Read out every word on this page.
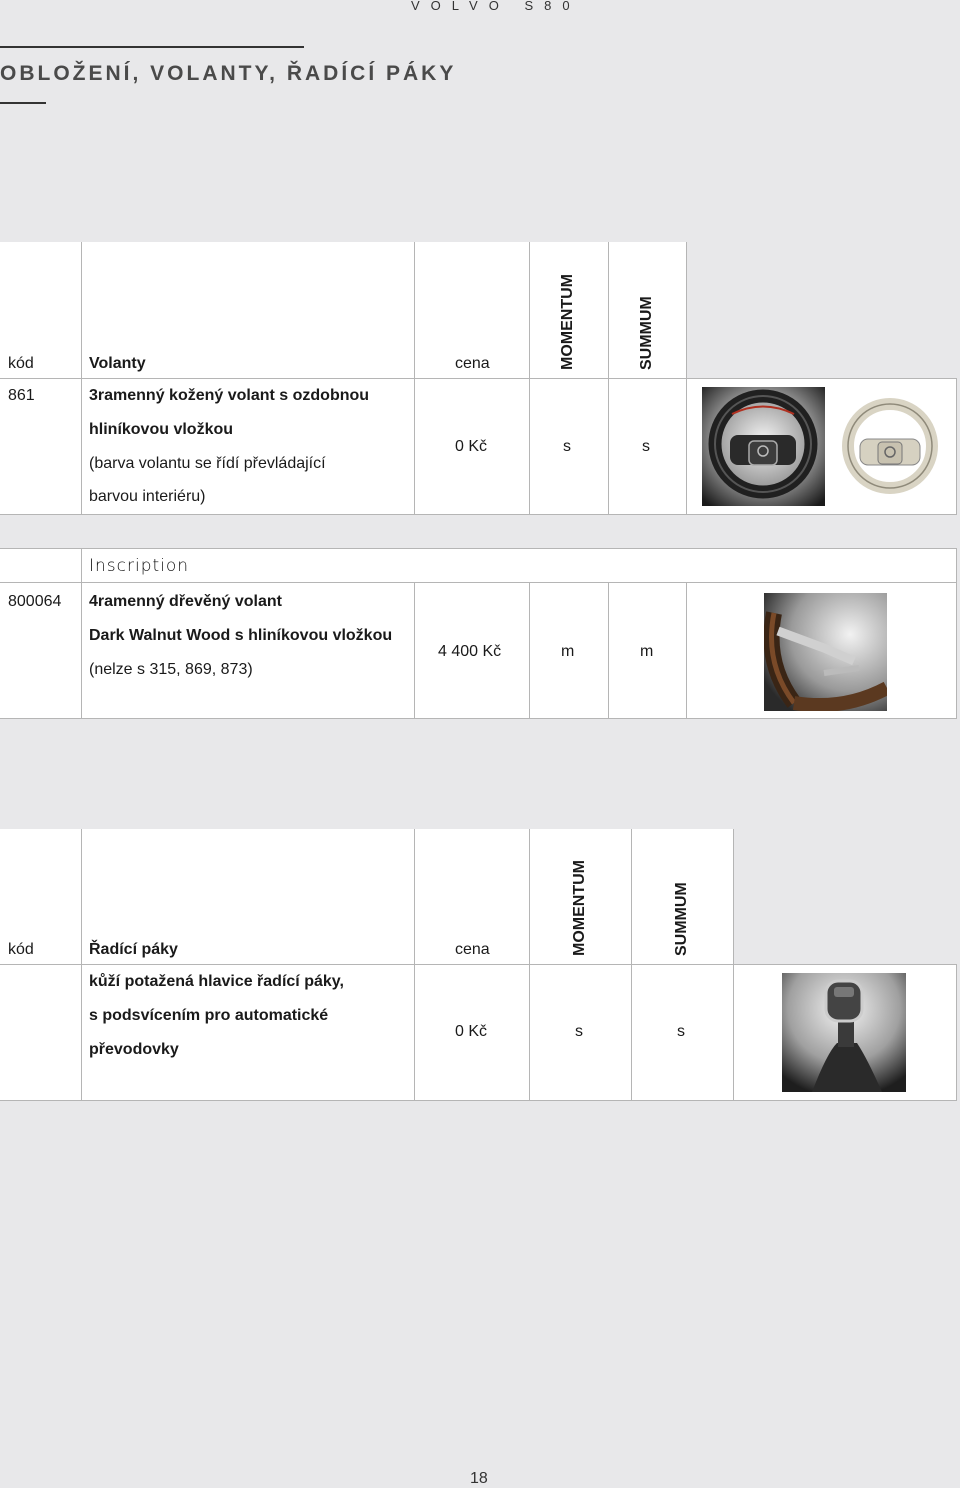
VOLVO S80
OBLOŽENÍ, VOLANTY, ŘADÍCÍ PÁKY
kód	Volanty	cena	MOMENTUM	SUMMUM
861	3ramenný kožený volant s ozdobnou
hliníkovou vložkou
(barva volantu se řídí převládající
barvou interiéru)
0 Kč	s	s
Inscription
800064 4ramenný dřevěný volant
Dark Walnut Wood s hliníkovou vložkou
(nelze s 315, 869, 873)
4 400 Kč	m	m
kód	Řadící páky	cena	MOMENTUM	SUMMUM
kůží potažená hlavice řadící páky,
s podsvícením pro automatické
převodovky
0 Kč	s	s
18
